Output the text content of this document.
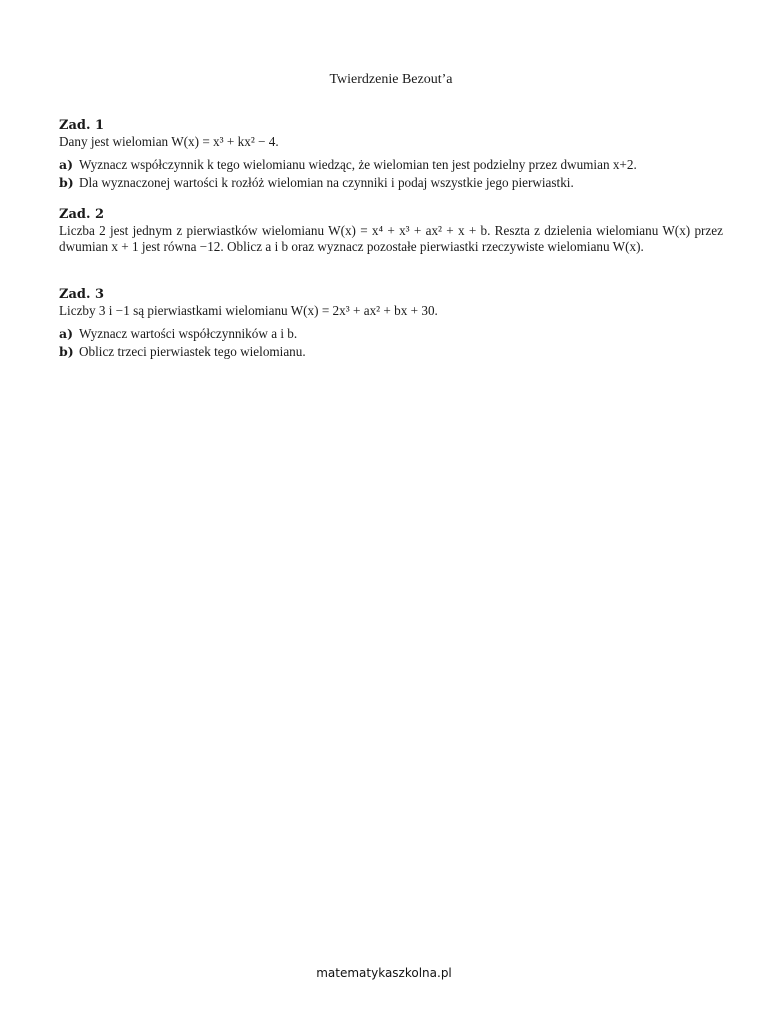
Twierdzenie Bezout’a
Zad. 1
Dany jest wielomian W(x) = x³ + kx² − 4.
a) Wyznacz współczynnik k tego wielomianu wiedząc, że wielomian ten jest podzielny przez dwumian x+2.
b) Dla wyznaczonej wartości k rozłóż wielomian na czynniki i podaj wszystkie jego pierwiastki.
Zad. 2
Liczba 2 jest jednym z pierwiastków wielomianu W(x) = x⁴ + x³ + ax² + x + b. Reszta z dzielenia wielomianu W(x) przez dwumian x + 1 jest równa −12. Oblicz a i b oraz wyznacz pozostałe pierwiastki rzeczywiste wielomianu W(x).
Zad. 3
Liczby 3 i −1 są pierwiastkami wielomianu W(x) = 2x³ + ax² + bx + 30.
a) Wyznacz wartości współczynników a i b.
b) Oblicz trzeci pierwiastek tego wielomianu.
matematykaszkolna.pl
